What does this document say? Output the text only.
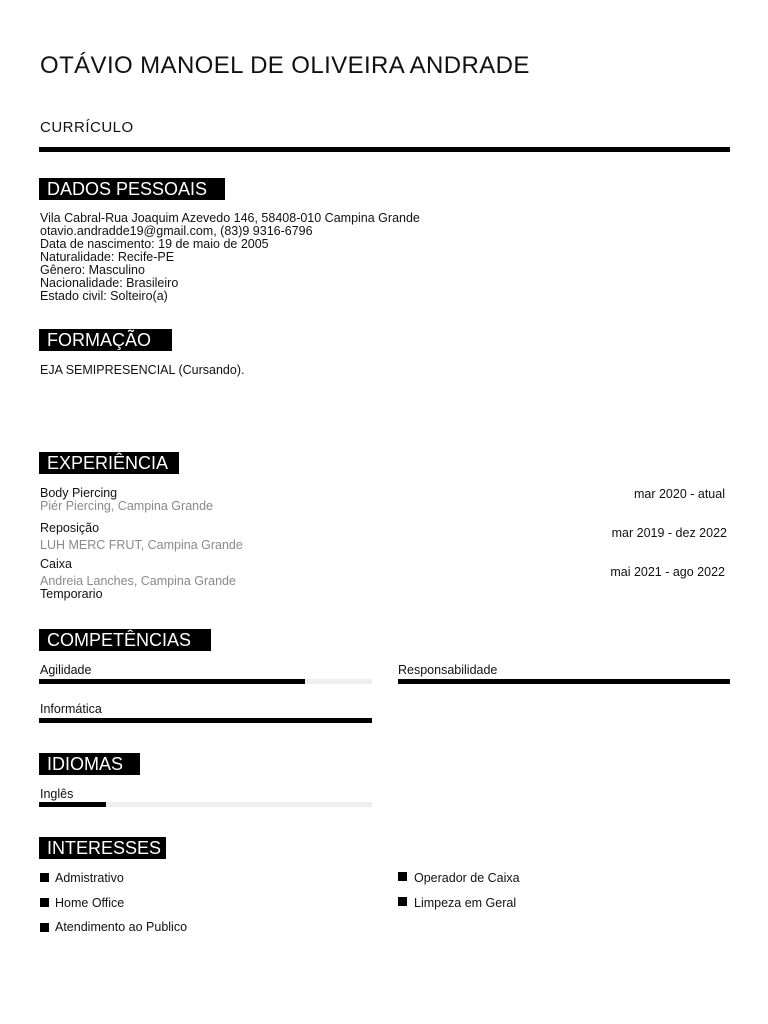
OTÁVIO MANOEL DE OLIVEIRA ANDRADE
CURRÍCULO
DADOS PESSOAIS
Vila Cabral-Rua Joaquim Azevedo 146, 58408-010 Campina Grande
otavio.andradde19@gmail.com, (83)9 9316-6796
Data de nascimento: 19 de maio de 2005
Naturalidade: Recife-PE
Gênero: Masculino
Nacionalidade: Brasileiro
Estado civil: Solteiro(a)
FORMAÇÃO
EJA SEMIPRESENCIAL (Cursando).
EXPERIÊNCIA
Body Piercing
Piér Piercing, Campina Grande
mar 2020 - atual
Reposição
LUH MERC FRUT, Campina Grande
mar 2019 - dez 2022
Caixa
Andreia Lanches, Campina Grande
Temporario
mai 2021 - ago 2022
COMPETÊNCIAS
Agilidade	Responsabilidade
Informática
IDIOMAS
Inglês
INTERESSES
Admistrativo
Home Office
Atendimento ao Publico
Operador de Caixa
Limpeza em Geral
